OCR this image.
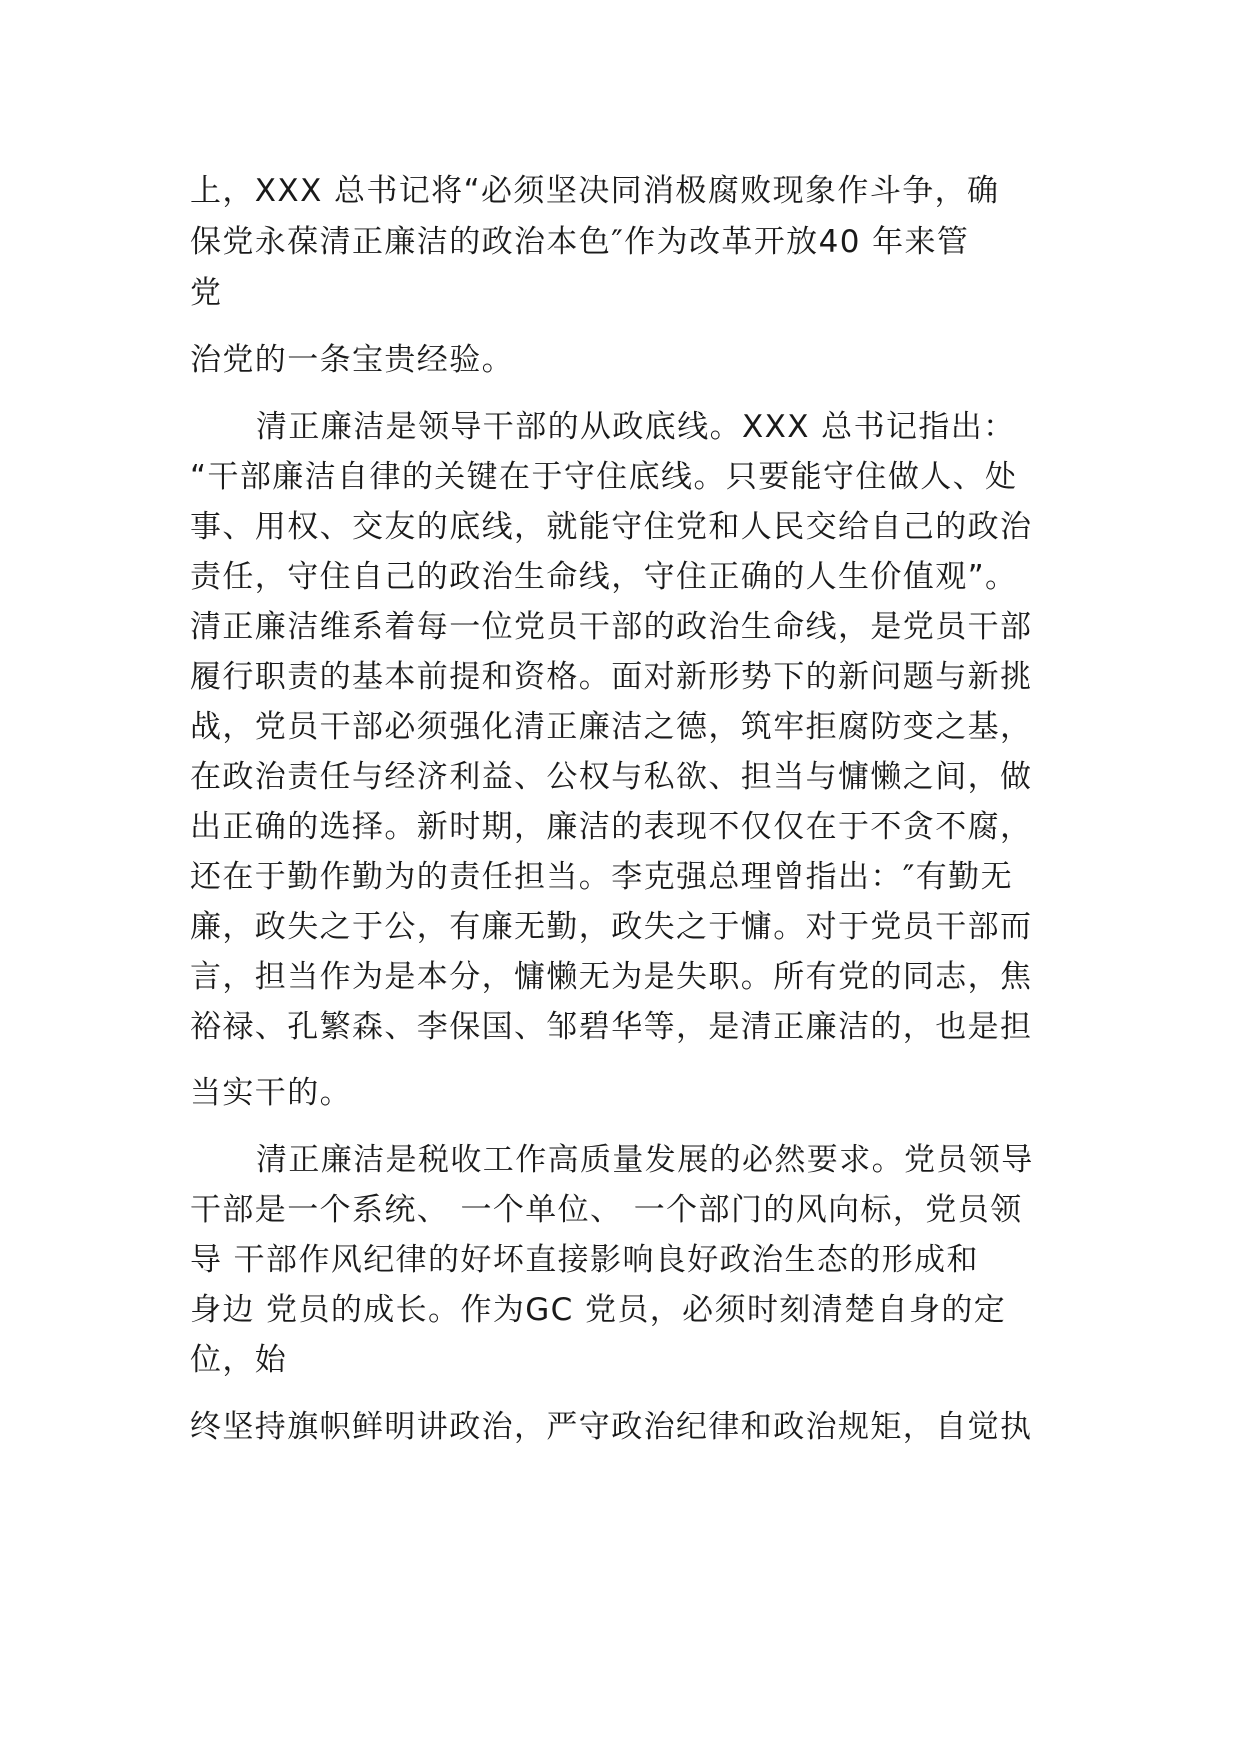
上，XXX 总书记将“必须坚决同消极腐败现象作斗争，确
保党永葆清正廉洁的政治本色″作为改革开放40 年来管
党
治党的一条宝贵经验。
清正廉洁是领导干部的从政底线。XXX 总书记指出：
“干部廉洁自律的关键在于守住底线。只要能守住做人、处
事、用权、交友的底线，就能守住党和人民交给自己的政治
责任，守住自己的政治生命线，守住正确的人生价值观”。
清正廉洁维系着每一位党员干部的政治生命线，是党员干部
履行职责的基本前提和资格。面对新形势下的新问题与新挑
战，党员干部必须强化清正廉洁之德，筑牢拒腐防变之基，
在政治责任与经济利益、公权与私欲、担当与慵懒之间，做
出正确的选择。新时期，廉洁的表现不仅仅在于不贪不腐，
还在于勤作勤为的责任担当。李克强总理曾指出：″有勤无
廉，政失之于公，有廉无勤，政失之于慵。对于党员干部而
言，担当作为是本分，慵懒无为是失职。所有党的同志，焦
裕禄、孔繁森、李保国、邹碧华等，是清正廉洁的，也是担
当实干的。
清正廉洁是税收工作高质量发展的必然要求。党员领导
干部是一个系统、 一个单位、 一个部门的风向标，党员领
导 干部作风纪律的好坏直接影响良好政治生态的形成和
身边 党员的成长。作为GC 党员，必须时刻清楚自身的定
位，始
终坚持旗帜鲜明讲政治，严守政治纪律和政治规矩，自觉执
